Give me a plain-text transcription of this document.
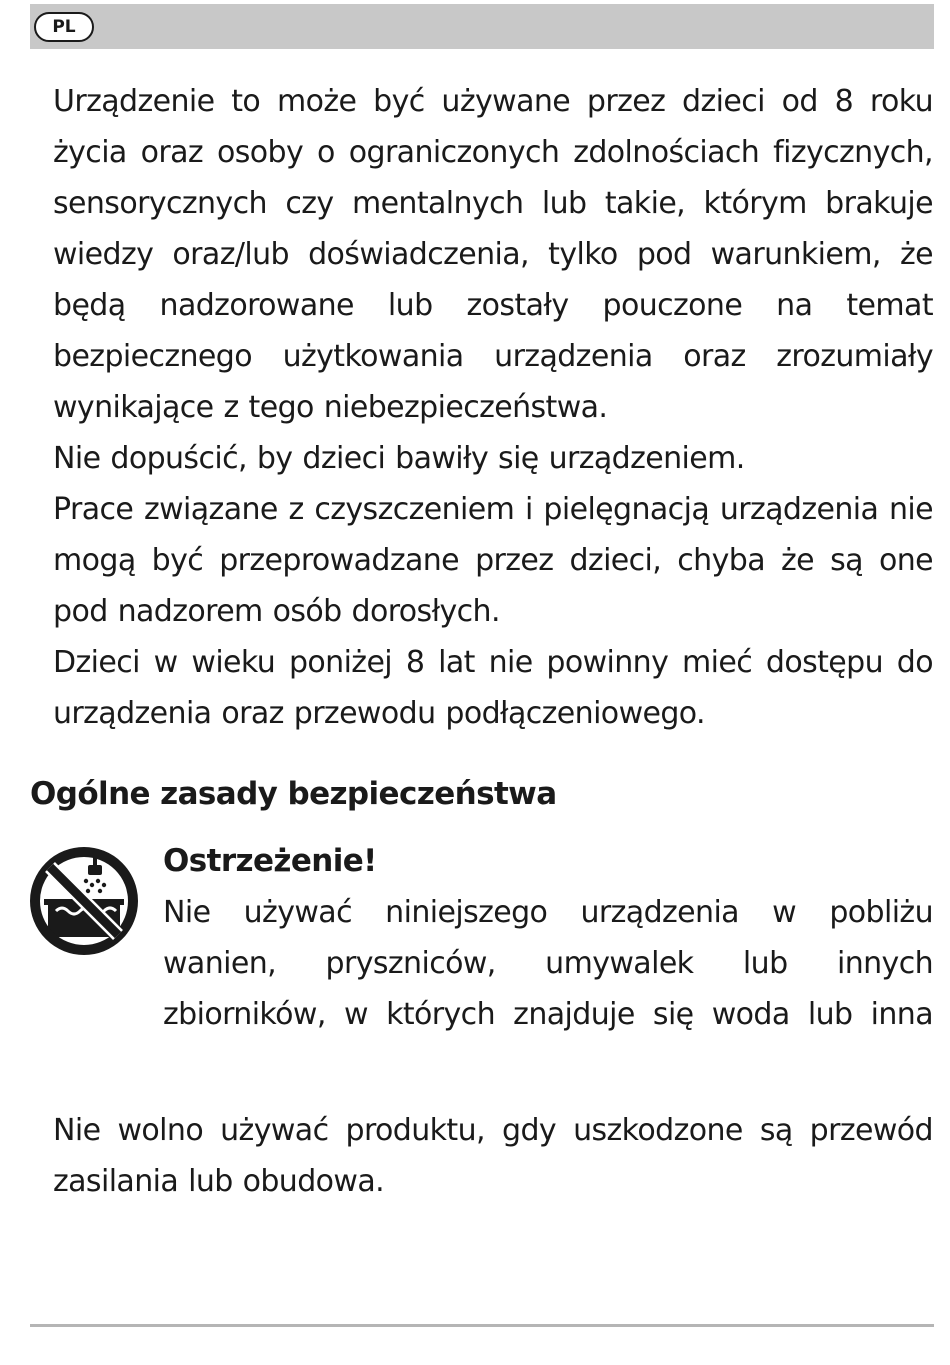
PL

Urządzenie to może być używane przez dzieci od 8 roku życia oraz osoby o ograniczonych zdolnościach fizycznych, sensorycznych czy mentalnych lub takie, którym brakuje wiedzy oraz/lub doświadczenia, tylko pod warunkiem, że będą nadzorowane lub zostały pouczone na temat bezpiecznego użytkowania urządzenia oraz zrozumiały wynikające z tego niebezpieczeństwa.

Nie dopuścić, by dzieci bawiły się urządzeniem.

Prace związane z czyszczeniem i pielęgnacją urządzenia nie mogą być przeprowadzane przez dzieci, chyba że są one pod nadzorem osób dorosłych.

Dzieci w wieku poniżej 8 lat nie powinny mieć dostępu do urządzenia oraz przewodu podłączeniowego.

Ogólne zasady bezpieczeństwa

Ostrzeżenie!

Nie używać niniejszego urządzenia w pobliżu wanien, pryszniców, umywalek lub innych zbiorników, w których znajduje się woda lub inna

Nie wolno używać produktu, gdy uszkodzone są przewód zasilania lub obudowa.
